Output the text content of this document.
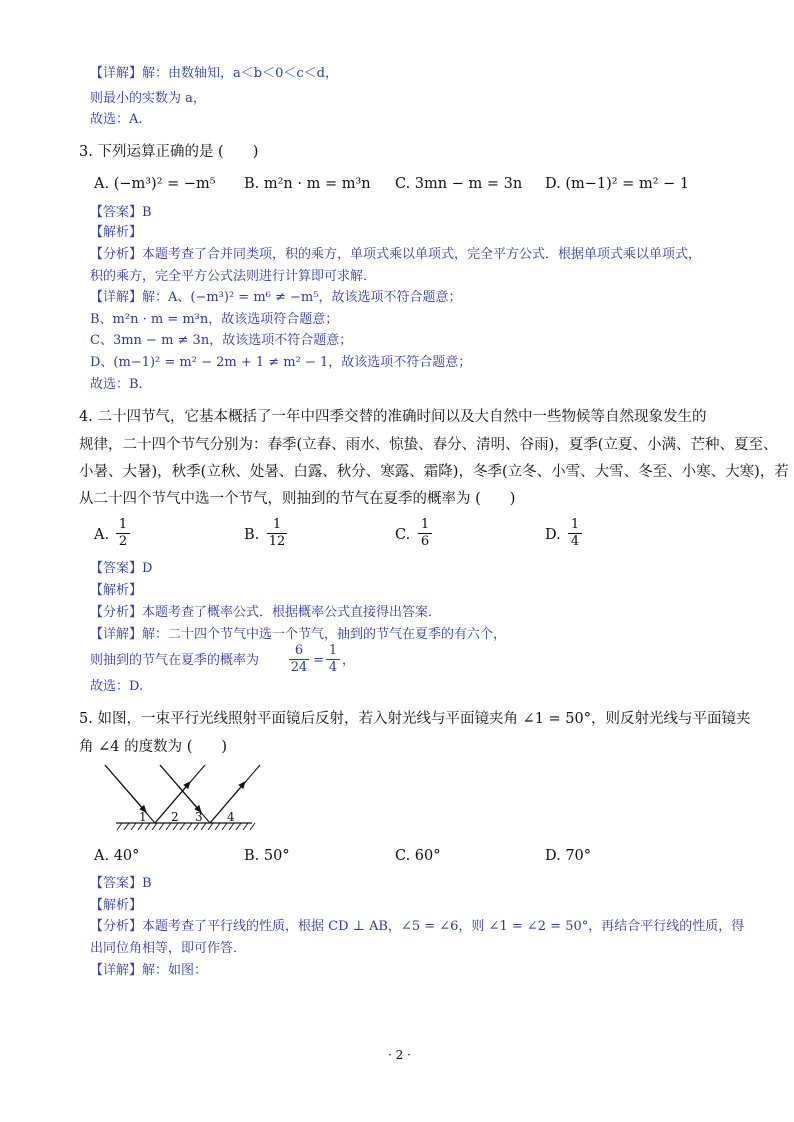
【详解】解：由数轴知，a＜b＜0＜c＜d，
则最小的实数为 a，
故选：A.
3. 下列运算正确的是 (　　)
A. (−m³)² = −m⁵ B. m²n · m = m³n C. 3mn − m = 3n D. (m−1)² = m² − 1
【答案】B
【解析】
【分析】本题考查了合并同类项，积的乘方，单项式乘以单项式，完全平方公式．根据单项式乘以单项式，
积的乘方，完全平方公式法则进行计算即可求解．
【详解】解：A、(−m³)² = m⁶ ≠ −m⁵，故该选项不符合题意；
B、m²n · m = m³n，故该选项符合题意；
C、3mn − m ≠ 3n，故该选项不符合题意；
D、(m−1)² = m² − 2m + 1 ≠ m² − 1，故该选项不符合题意；
故选：B.
4. 二十四节气，它基本概括了一年中四季交替的准确时间以及大自然中一些物候等自然现象发生的
规律，二十四个节气分别为：春季(立春、雨水、惊蛰、春分、清明、谷雨)，夏季(立夏、小满、芒种、夏至、
小暑、大暑)，秋季(立秋、处暑、白露、秋分、寒露、霜降)，冬季(立冬、小雪、大雪、冬至、小寒、大寒)，若
从二十四个节气中选一个节气，则抽到的节气在夏季的概率为 (　　)
A.
1
2	B.
1
12	C.
1
6	D.
1
4
【答案】D
【解析】
【分析】本题考查了概率公式．根据概率公式直接得出答案．
【详解】解：二十四个节气中选一个节气，抽到的节气在夏季的有六个，
则抽到的节气在夏季的概率为
6
24 =
1
4 ，
故选：D.
5. 如图，一束平行光线照射平面镜后反射，若入射光线与平面镜夹角 ∠1 = 50°，则反射光线与平面镜夹
角 ∠4 的度数为 (　　)
1 2 3 4
A. 40°	B. 50°	C. 60°	D. 70°
【答案】B
【解析】
【分析】本题考查了平行线的性质，根据 CD ⊥ AB，∠5 = ∠6，则 ∠1 = ∠2 = 50°，再结合平行线的性质，得
出同位角相等，即可作答．
【详解】解：如图：
· 2 ·
